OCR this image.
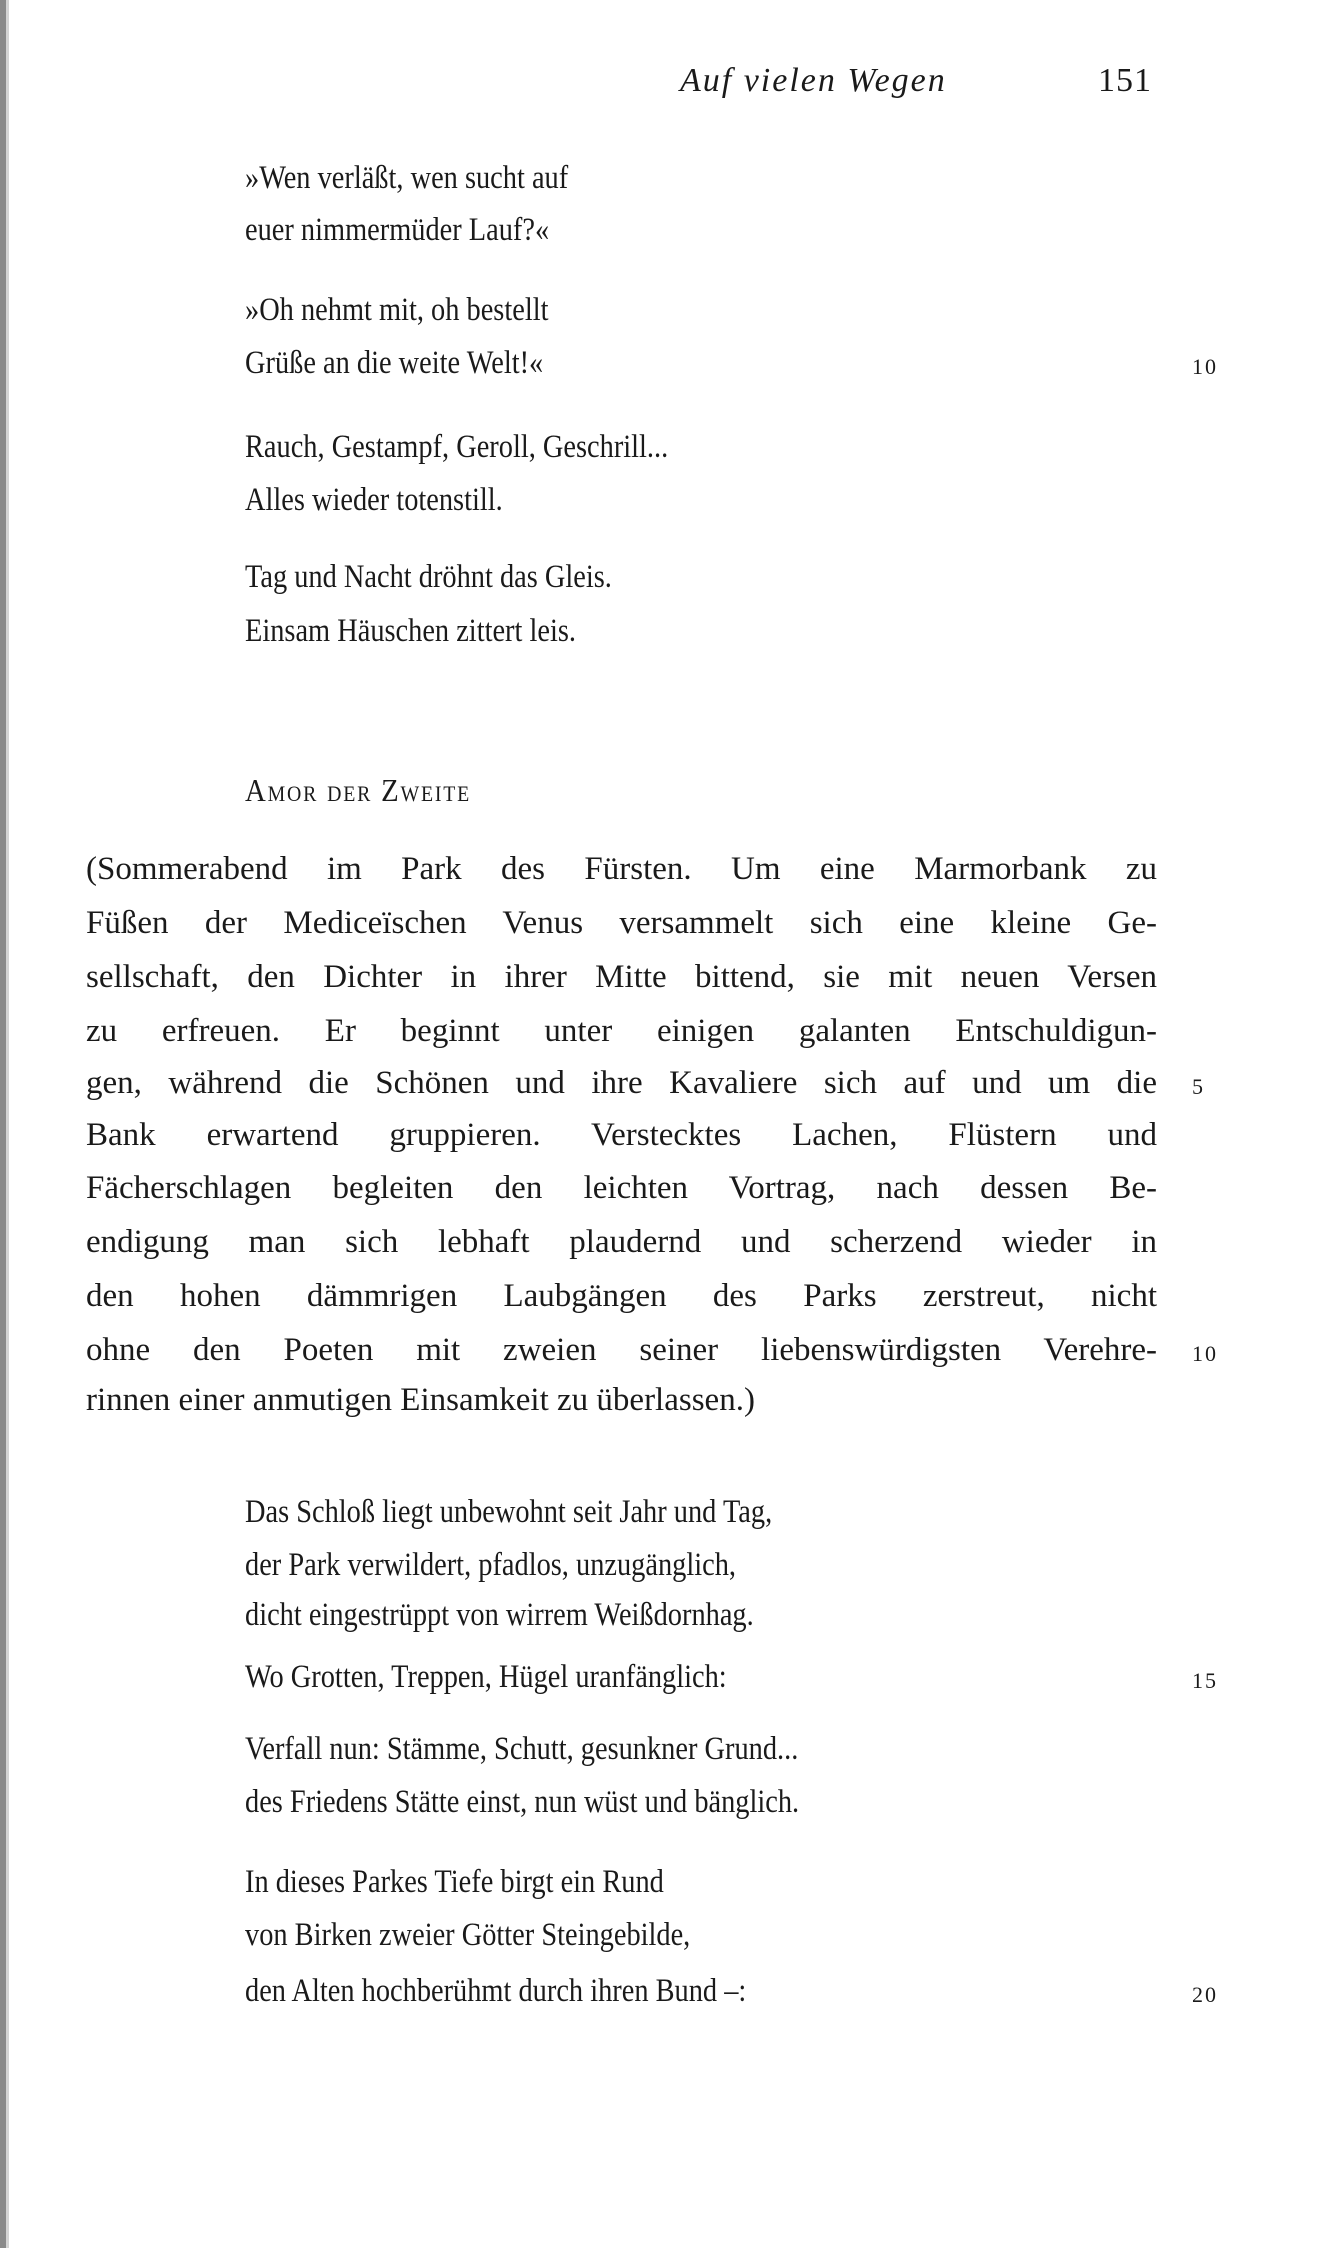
Auf vielen Wegen	151
»Wen verläßt, wen sucht auf
euer nimmermüder Lauf?«
»Oh nehmt mit, oh bestellt
Grüße an die weite Welt!«	10
Rauch, Gestampf, Geroll, Geschrill...
Alles wieder totenstill.
Tag und Nacht dröhnt das Gleis.
Einsam Häuschen zittert leis.
Amor der Zweite
(Sommerabend im Park des Fürsten. Um eine Marmorbank zu
Füßen der Mediceïschen Venus versammelt sich eine kleine Ge-
sellschaft, den Dichter in ihrer Mitte bittend, sie mit neuen Versen
zu erfreuen. Er beginnt unter einigen galanten Entschuldigun-
gen, während die Schönen und ihre Kavaliere sich auf und um die 5
Bank erwartend gruppieren. Verstecktes Lachen, Flüstern und
Fächerschlagen begleiten den leichten Vortrag, nach dessen Be-
endigung man sich lebhaft plaudernd und scherzend wieder in
den hohen dämmrigen Laubgängen des Parks zerstreut, nicht
ohne den Poeten mit zweien seiner liebenswürdigsten Verehre- 10
rinnen einer anmutigen Einsamkeit zu überlassen.)
Das Schloß liegt unbewohnt seit Jahr und Tag,
der Park verwildert, pfadlos, unzugänglich,
dicht eingestrüppt von wirrem Weißdornhag.
Wo Grotten, Treppen, Hügel uranfänglich:	15
Verfall nun: Stämme, Schutt, gesunkner Grund...
des Friedens Stätte einst, nun wüst und bänglich.
In dieses Parkes Tiefe birgt ein Rund
von Birken zweier Götter Steingebilde,
den Alten hochberühmt durch ihren Bund –:	20
